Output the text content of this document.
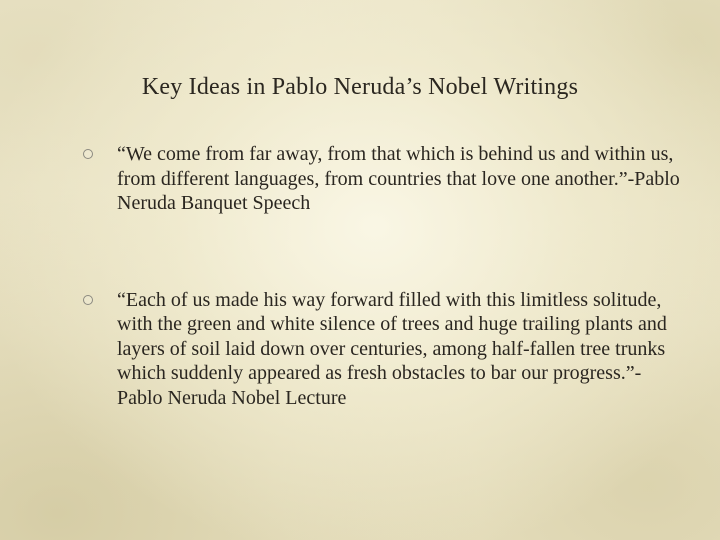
Key Ideas in Pablo Neruda’s Nobel Writings
“We come from far away, from that which is behind us and within us, from different languages, from countries that love one another.”-Pablo Neruda Banquet Speech
“Each of us made his way forward filled with this limitless solitude, with the green and white silence of trees and huge trailing plants and layers of soil laid down over centuries, among half-fallen tree trunks which suddenly appeared as fresh obstacles to bar our progress.”-Pablo Neruda Nobel Lecture
